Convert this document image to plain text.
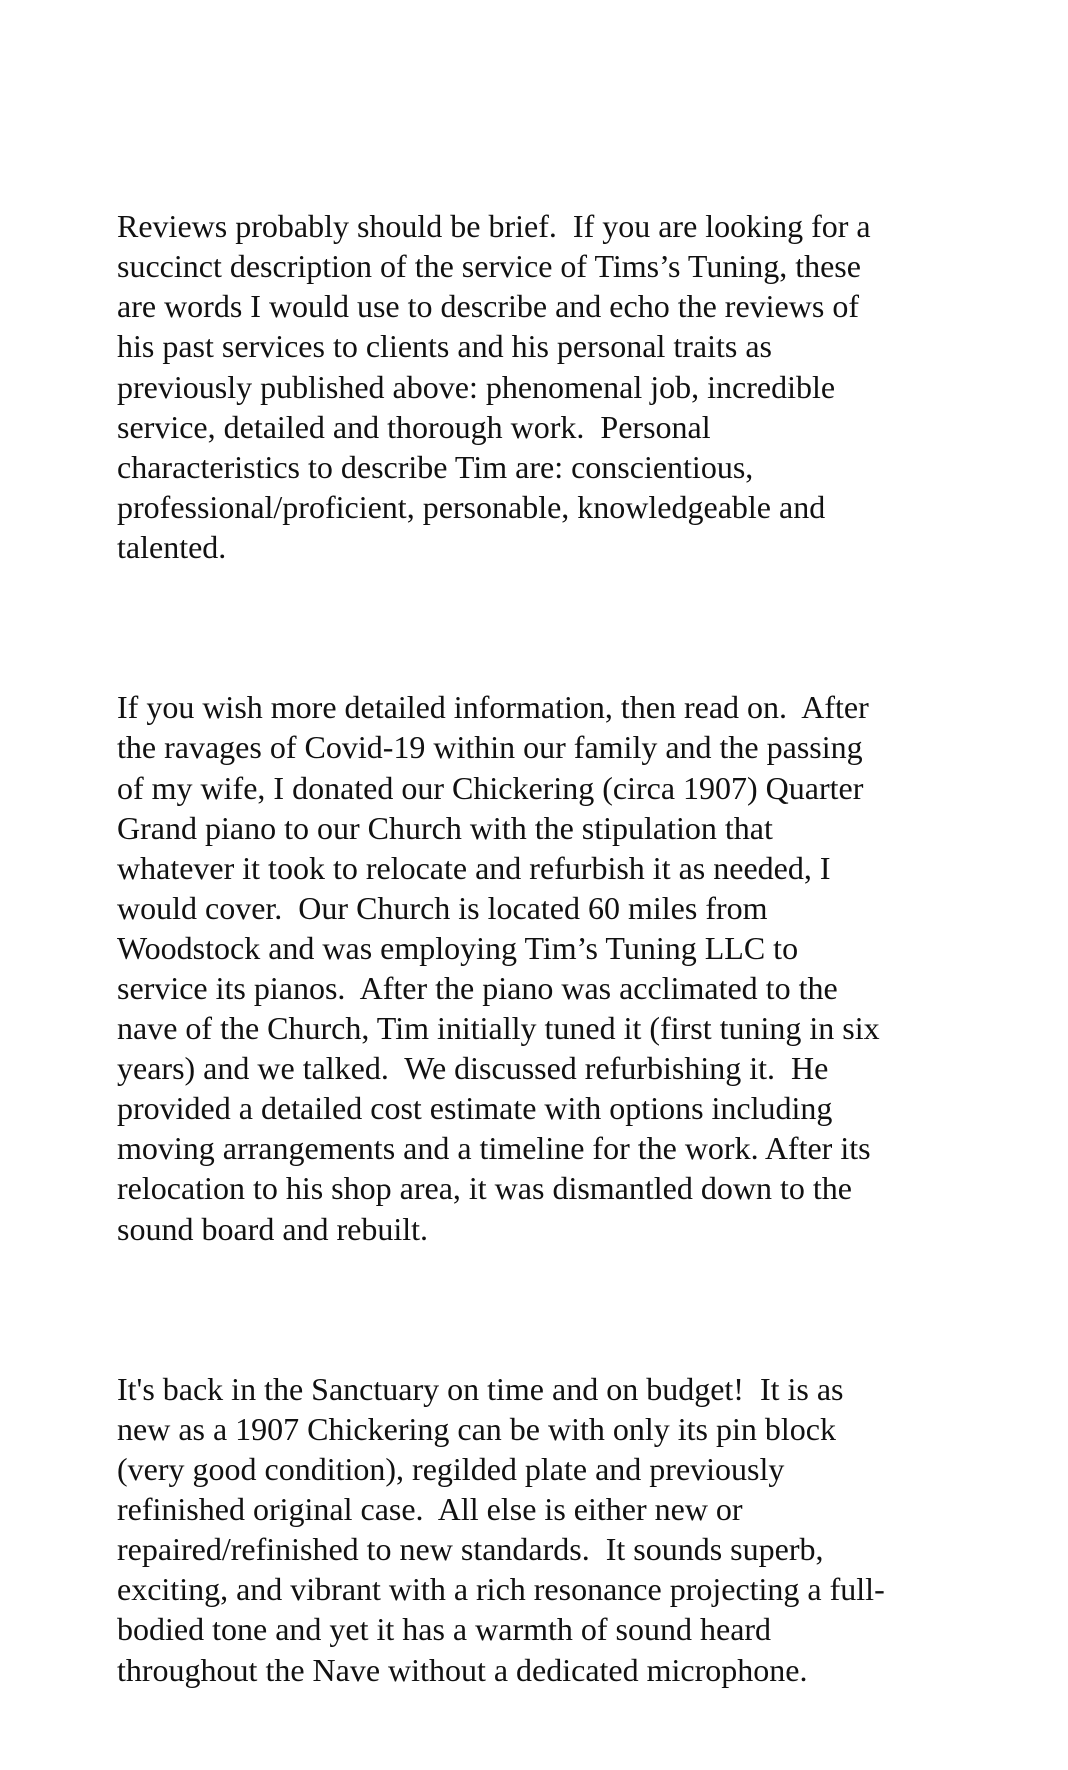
Reviews probably should be brief.  If you are looking for a
succinct description of the service of Tims’s Tuning, these
are words I would use to describe and echo the reviews of
his past services to clients and his personal traits as
previously published above: phenomenal job, incredible
service, detailed and thorough work.  Personal
characteristics to describe Tim are: conscientious,
professional/proficient, personable, knowledgeable and
talented.

If you wish more detailed information, then read on.  After
the ravages of Covid-19 within our family and the passing
of my wife, I donated our Chickering (circa 1907) Quarter
Grand piano to our Church with the stipulation that
whatever it took to relocate and refurbish it as needed, I
would cover.  Our Church is located 60 miles from
Woodstock and was employing Tim’s Tuning LLC to
service its pianos.  After the piano was acclimated to the
nave of the Church, Tim initially tuned it (first tuning in six
years) and we talked.  We discussed refurbishing it.  He
provided a detailed cost estimate with options including
moving arrangements and a timeline for the work. After its
relocation to his shop area, it was dismantled down to the
sound board and rebuilt.

It's back in the Sanctuary on time and on budget!  It is as
new as a 1907 Chickering can be with only its pin block
(very good condition), regilded plate and previously
refinished original case.  All else is either new or
repaired/refinished to new standards.  It sounds superb,
exciting, and vibrant with a rich resonance projecting a full-
bodied tone and yet it has a warmth of sound heard
throughout the Nave without a dedicated microphone.
